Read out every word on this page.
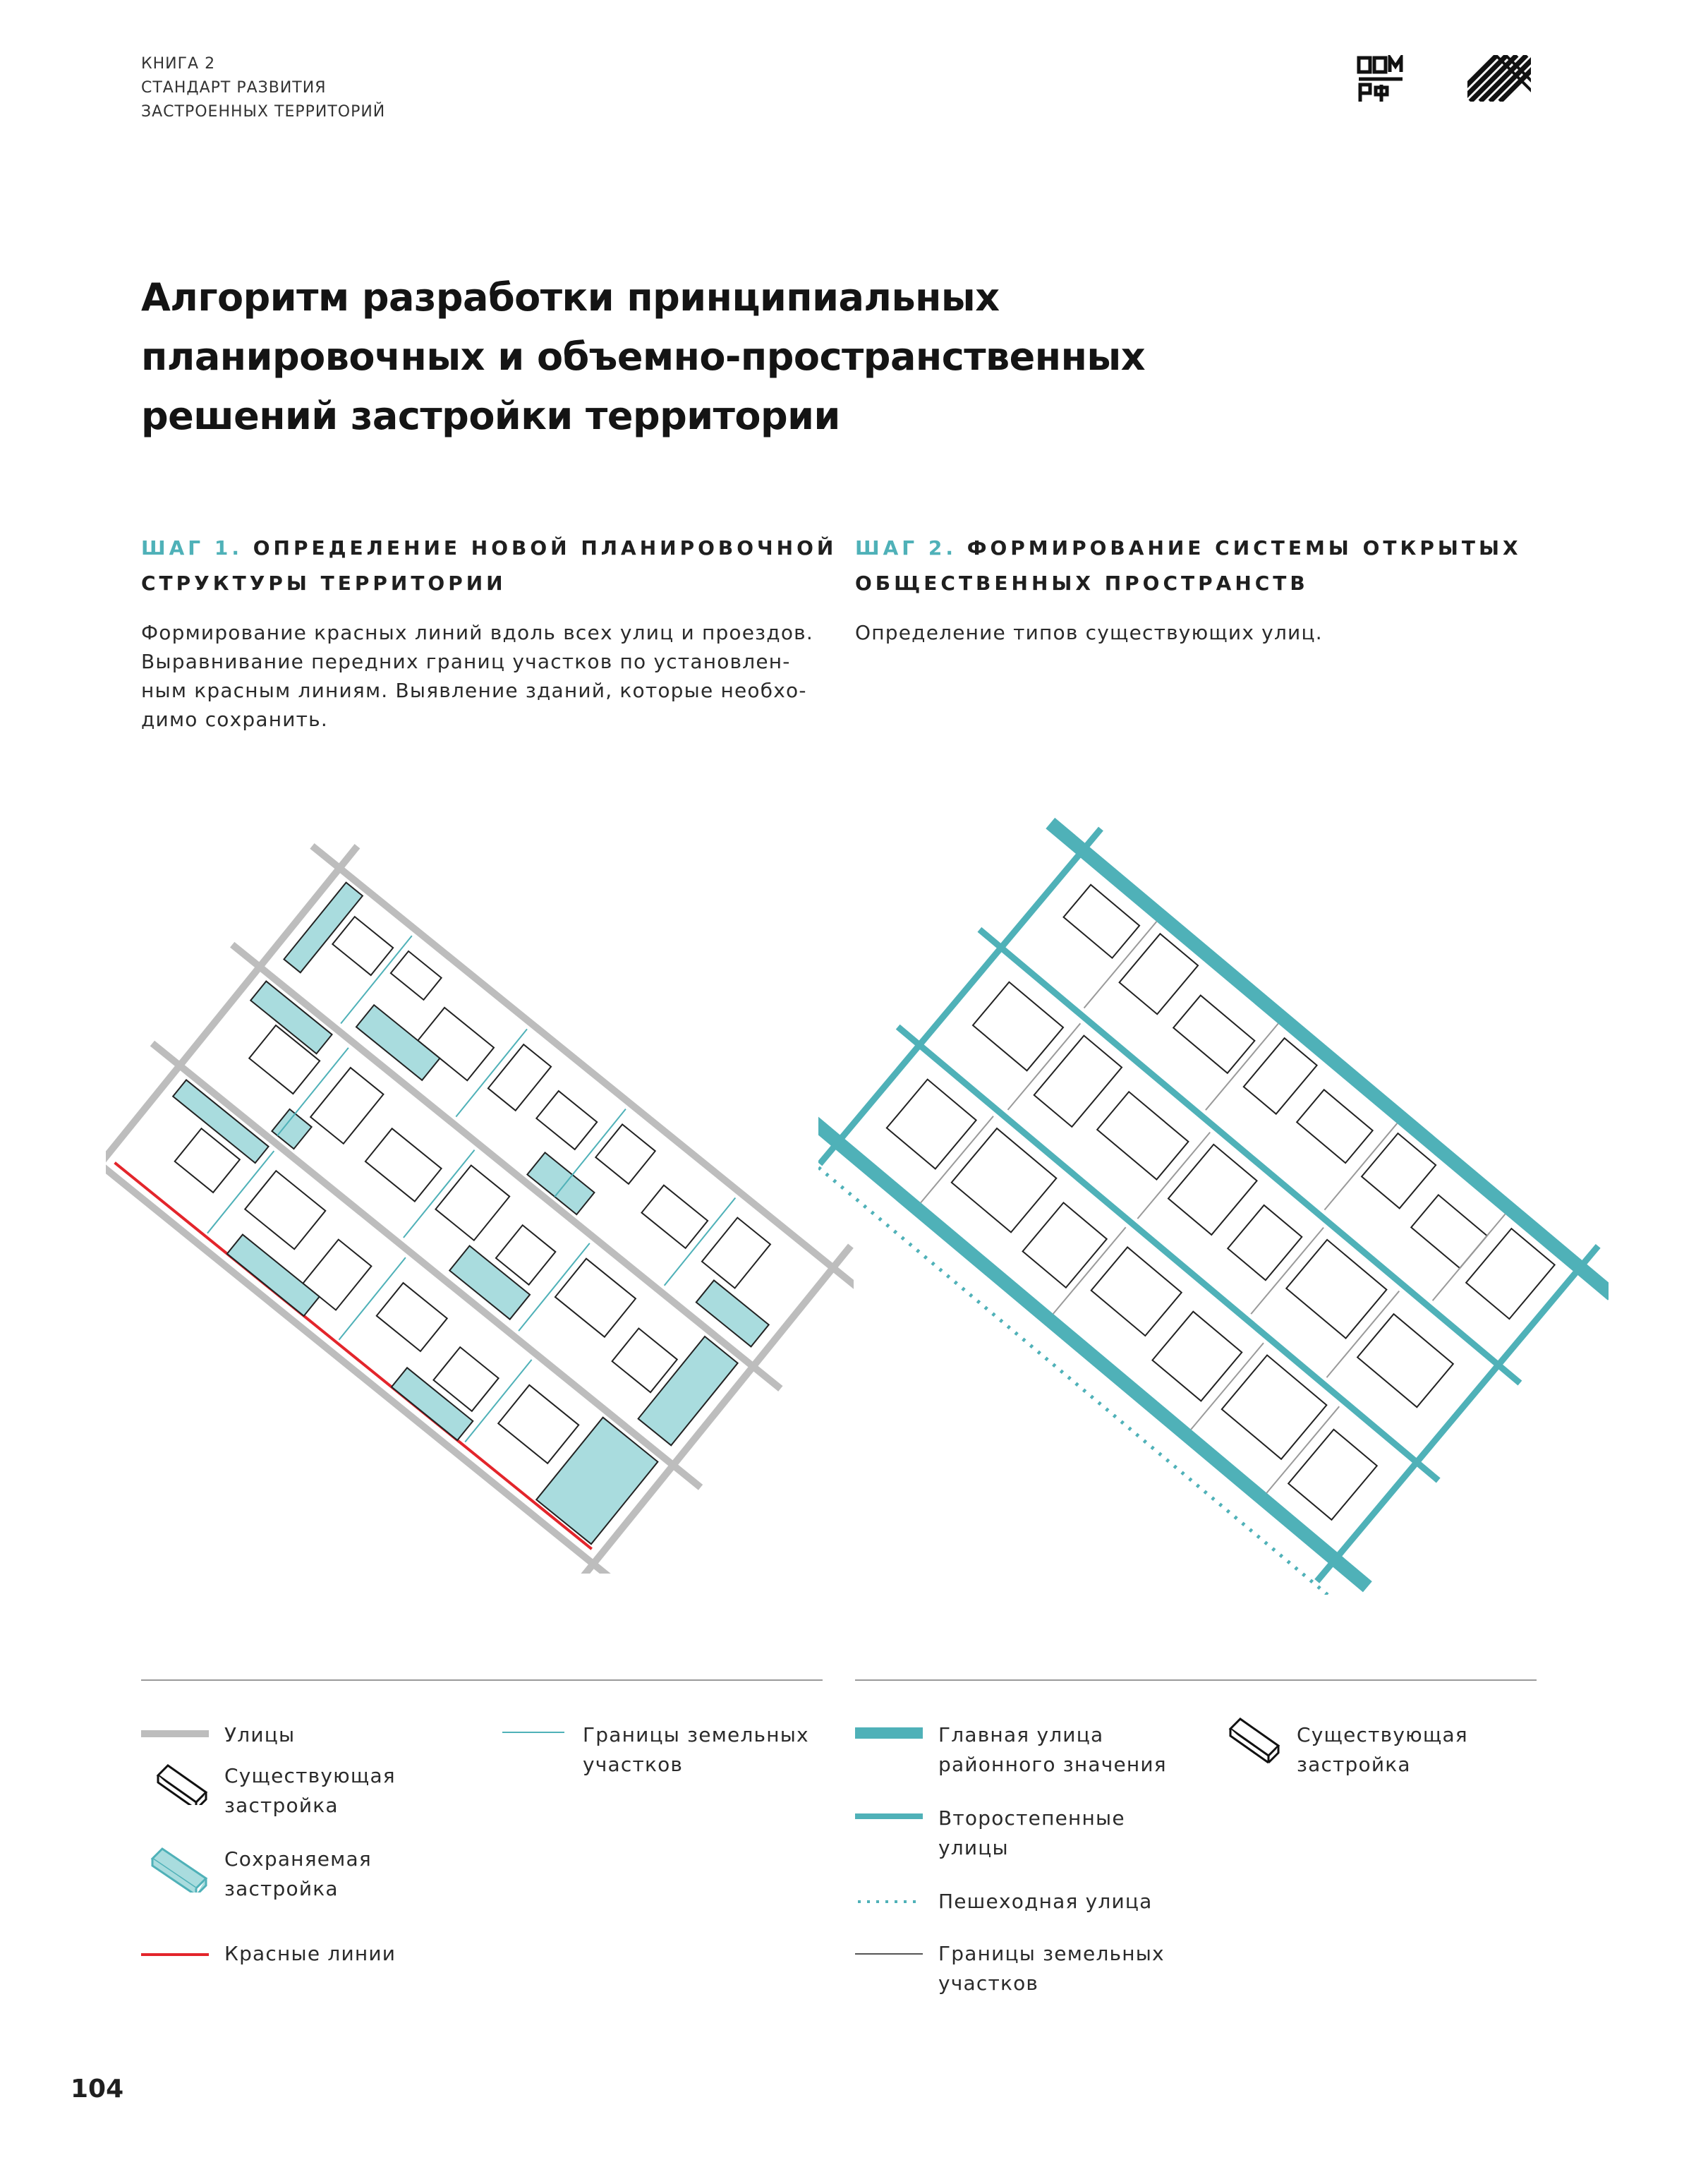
КНИГА 2
СТАНДАРТ РАЗВИТИЯ
ЗАСТРОЕННЫХ ТЕРРИТОРИЙ
Алгоритм разработки принципиальных
планировочных и объемно-пространственных
решений застройки территории
ШАГ 1. ОПРЕДЕЛЕНИЕ НОВОЙ ПЛАНИРОВОЧНОЙ
СТРУКТУРЫ ТЕРРИТОРИИ
Формирование красных линий вдоль всех улиц и проездов.
Выравнивание передних границ участков по установлен-
ным красным линиям. Выявление зданий, которые необхо-
димо сохранить.
ШАГ 2. ФОРМИРОВАНИЕ СИСТЕМЫ ОТКРЫТЫХ
ОБЩЕСТВЕННЫХ ПРОСТРАНСТВ
Определение типов существующих улиц.
Улицы
Существующая
застройка
Сохраняемая
застройка
Красные линии
Границы земельных
участков
Главная улица
районного значения
Второстепенные
улицы
Пешеходная улица
Границы земельных
участков
Существующая
застройка
104
